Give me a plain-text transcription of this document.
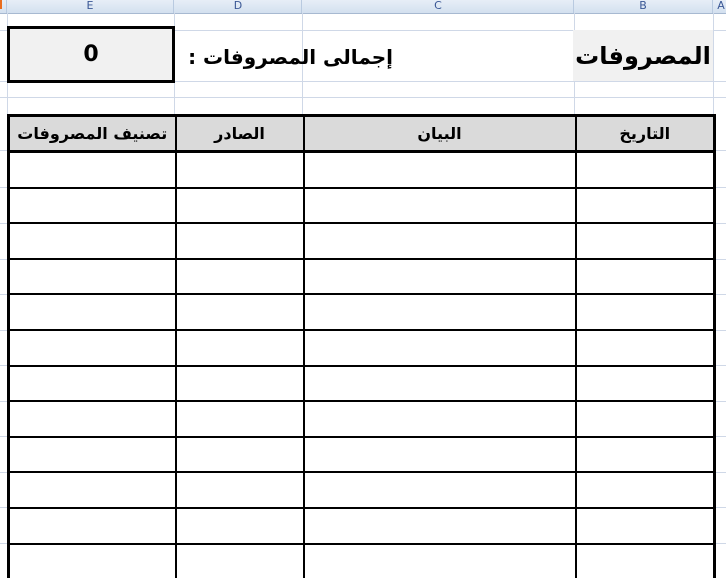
E	D	C	B	A
المصروفات
إجمالى المصروفات :
0
التاريخ	البيان	الصادر	تصنيف المصروفات
